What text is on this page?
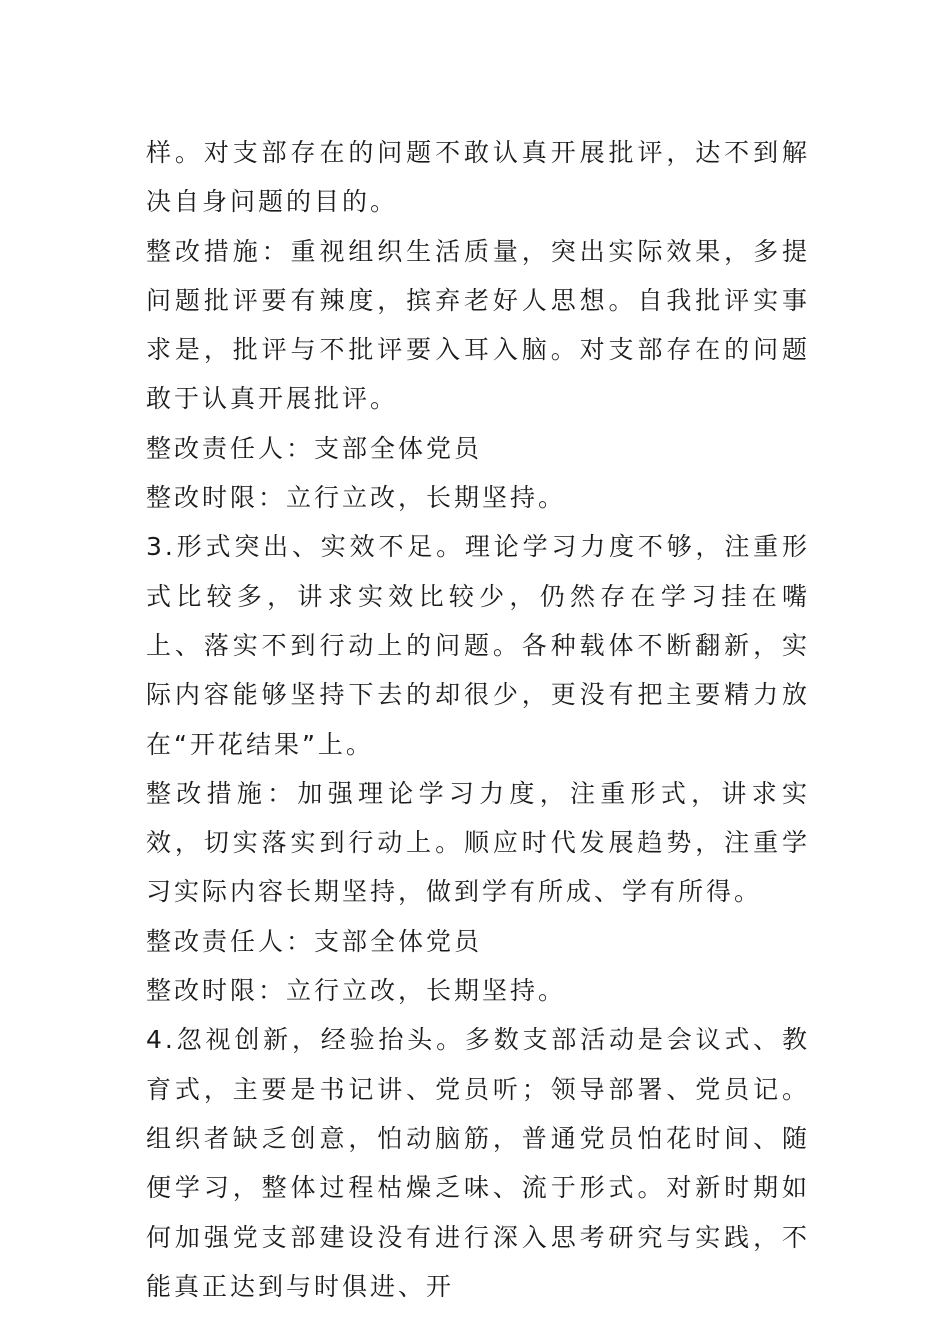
样。对支部存在的问题不敢认真开展批评，达不到解决自身问题的目的。

整改措施：重视组织生活质量，突出实际效果，多提问题批评要有辣度，摈弃老好人思想。自我批评实事求是，批评与不批评要入耳入脑。对支部存在的问题敢于认真开展批评。

整改责任人：支部全体党员

整改时限：立行立改，长期坚持。

3.形式突出、实效不足。理论学习力度不够，注重形式比较多，讲求实效比较少，仍然存在学习挂在嘴上、落实不到行动上的问题。各种载体不断翻新，实际内容能够坚持下去的却很少，更没有把主要精力放在“开花结果”上。

整改措施：加强理论学习力度，注重形式，讲求实效，切实落实到行动上。顺应时代发展趋势，注重学习实际内容长期坚持，做到学有所成、学有所得。

整改责任人：支部全体党员

整改时限：立行立改，长期坚持。

4.忽视创新，经验抬头。多数支部活动是会议式、教育式，主要是书记讲、党员听；领导部署、党员记。组织者缺乏创意，怕动脑筋，普通党员怕花时间、随便学习，整体过程枯燥乏味、流于形式。对新时期如何加强党支部建设没有进行深入思考研究与实践，不能真正达到与时俱进、开
